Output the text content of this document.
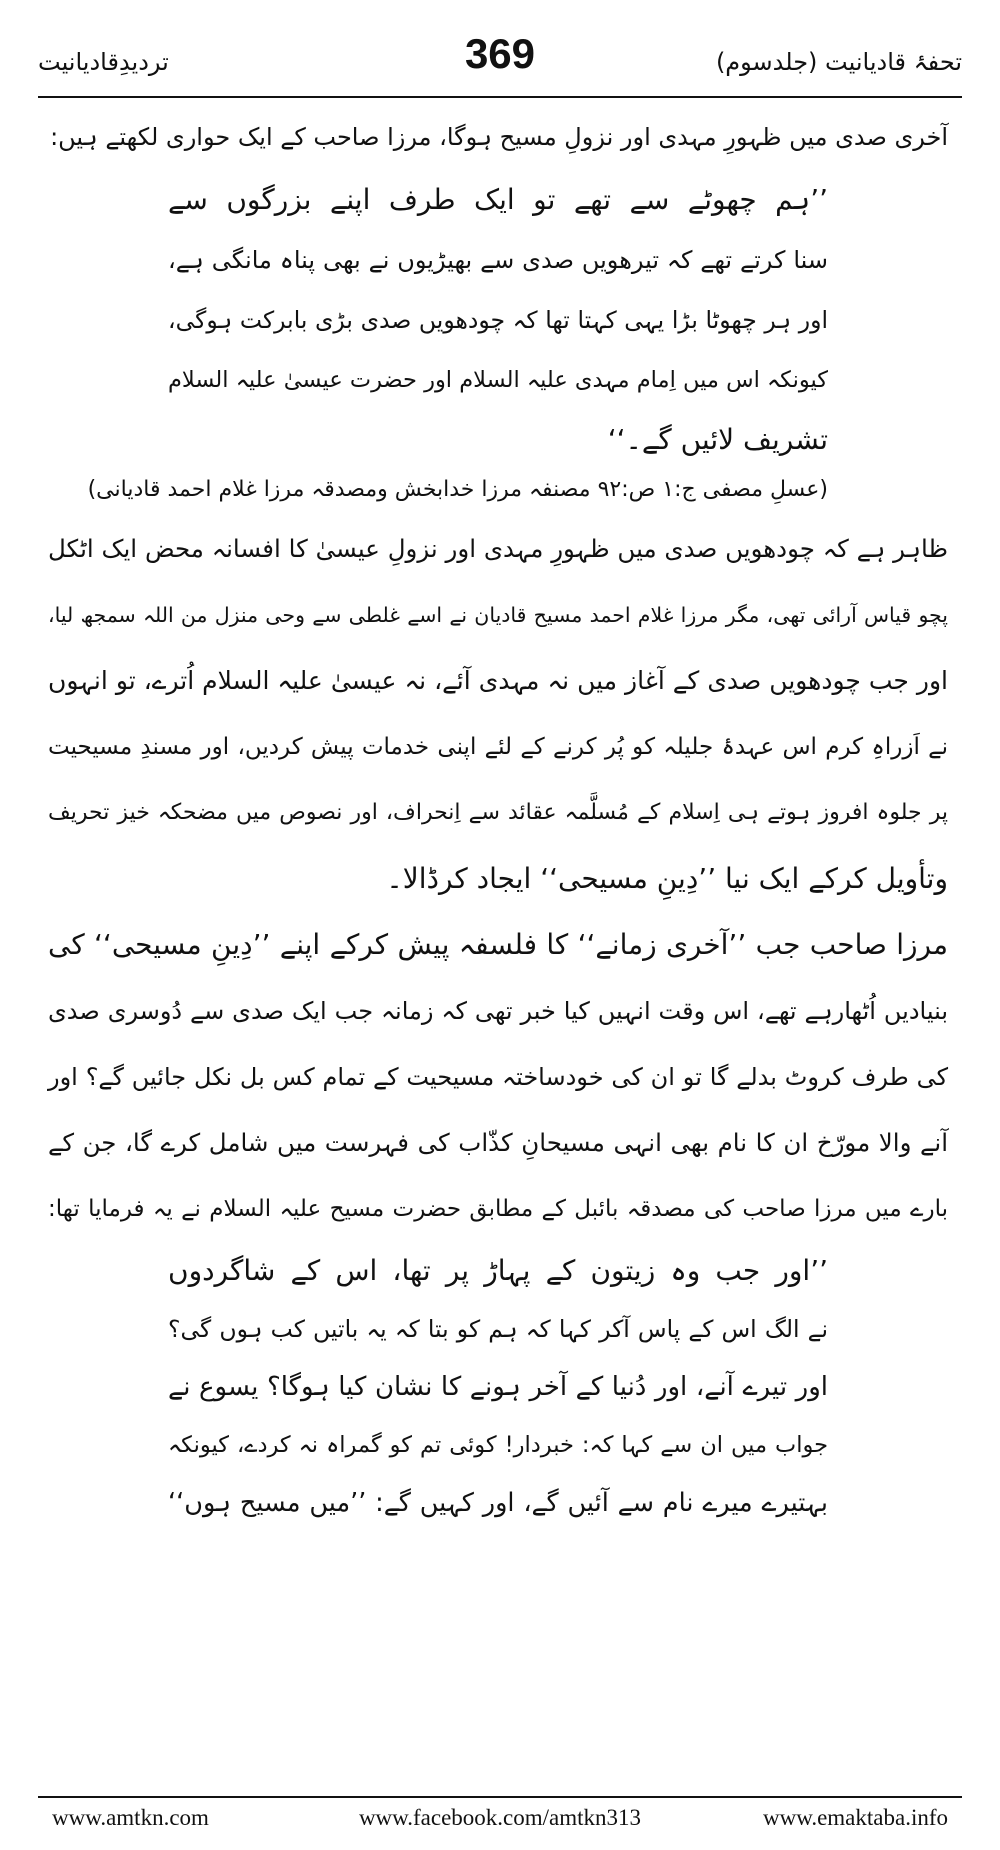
تردیدِقادیانیت	369	تحفۂ قادیانیت (جلدسوم)
آخری صدی میں ظہورِ مہدی اور نزولِ مسیح ہوگا، مرزا صاحب کے ایک حواری لکھتے ہیں:
’’ہم چھوٹے سے تھے تو ایک طرف اپنے بزرگوں سے
سنا کرتے تھے کہ تیرھویں صدی سے بھیڑیوں نے بھی پناہ مانگی ہے،
اور ہر چھوٹا بڑا یہی کہتا تھا کہ چودھویں صدی بڑی بابرکت ہوگی،
کیونکہ اس میں اِمام مہدی علیہ السلام اور حضرت عیسیٰ علیہ السلام
تشریف لائیں گے۔‘‘
(عسلِ مصفی ج:۱ ص:۹۲ مصنفہ مرزا خدابخش ومصدقہ مرزا غلام احمد قادیانی)
ظاہر ہے کہ چودھویں صدی میں ظہورِ مہدی اور نزولِ عیسیٰ کا افسانہ محض ایک اٹکل
پچو قیاس آرائی تھی، مگر مرزا غلام احمد مسیح قادیان نے اسے غلطی سے وحی منزل من اللہ سمجھ لیا،
اور جب چودھویں صدی کے آغاز میں نہ مہدی آئے، نہ عیسیٰ علیہ السلام اُترے، تو انہوں
نے اَزراہِ کرم اس عہدۂ جلیلہ کو پُر کرنے کے لئے اپنی خدمات پیش کردیں، اور مسندِ مسیحیت
پر جلوہ افروز ہوتے ہی اِسلام کے مُسلَّمہ عقائد سے اِنحراف، اور نصوص میں مضحکہ خیز تحریف
وتأویل کرکے ایک نیا ’’دِینِ مسیحی‘‘ ایجاد کرڈالا۔
مرزا صاحب جب ’’آخری زمانے‘‘ کا فلسفہ پیش کرکے اپنے ’’دِینِ مسیحی‘‘ کی
بنیادیں اُٹھارہے تھے، اس وقت انہیں کیا خبر تھی کہ زمانہ جب ایک صدی سے دُوسری صدی
کی طرف کروٹ بدلے گا تو ان کی خودساختہ مسیحیت کے تمام کس بل نکل جائیں گے؟ اور
آنے والا مورّخ ان کا نام بھی انہی مسیحانِ کذّاب کی فہرست میں شامل کرے گا، جن کے
بارے میں مرزا صاحب کی مصدقہ بائبل کے مطابق حضرت مسیح علیہ السلام نے یہ فرمایا تھا:
’’اور جب وہ زیتون کے پہاڑ پر تھا، اس کے شاگردوں
نے الگ اس کے پاس آکر کہا کہ ہم کو بتا کہ یہ باتیں کب ہوں گی؟
اور تیرے آنے، اور دُنیا کے آخر ہونے کا نشان کیا ہوگا؟ یسوع نے
جواب میں ان سے کہا کہ: خبردار! کوئی تم کو گمراہ نہ کردے، کیونکہ
بہتیرے میرے نام سے آئیں گے، اور کہیں گے: ’’میں مسیح ہوں‘‘
www.amtkn.com	www.facebook.com/amtkn313	www.emaktaba.info
